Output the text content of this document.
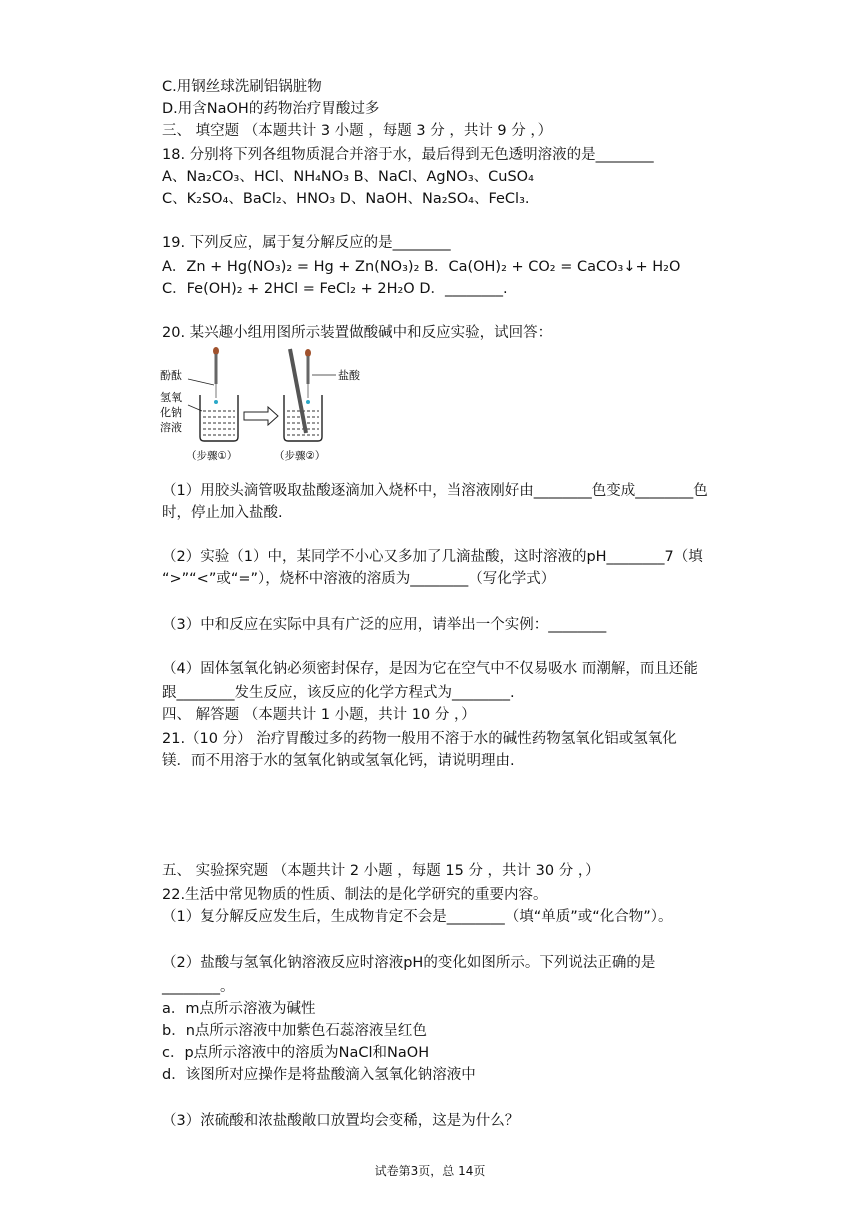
C.用钢丝球洗刷铝锅脏物
D.用含NaOH的药物治疗胃酸过多
三、 填空题 （本题共计 3 小题 ，每题 3 分 ，共计 9 分 ，）
18. 分别将下列各组物质混合并溶于水，最后得到无色透明溶液的是________
A、Na₂CO₃、HCl、NH₄NO₃ B、NaCl、AgNO₃、CuSO₄
C、K₂SO₄、BaCl₂、HNO₃ D、NaOH、Na₂SO₄、FeCl₃.
19. 下列反应，属于复分解反应的是________
A．Zn + Hg(NO₃)₂ = Hg + Zn(NO₃)₂ B．Ca(OH)₂ + CO₂ = CaCO₃↓+ H₂O
C．Fe(OH)₂ + 2HCl = FeCl₂ + 2H₂O D．________.
20. 某兴趣小组用图所示装置做酸碱中和反应实验，试回答：
（1）用胶头滴管吸取盐酸逐滴加入烧杯中，当溶液刚好由________色变成________色
时，停止加入盐酸.
（2）实验（1）中，某同学不小心又多加了几滴盐酸，这时溶液的pH________7（填
“>”“<”或“=”），烧杯中溶液的溶质为________（写化学式）
（3）中和反应在实际中具有广泛的应用，请举出一个实例：________
（4）固体氢氧化钠必须密封保存，是因为它在空气中不仅易吸水 而潮解，而且还能
跟________发生反应，该反应的化学方程式为________.
四、 解答题 （本题共计 1 小题，共计 10 分 ，）
21.（10 分） 治疗胃酸过多的药物一般用不溶于水的碱性药物氢氧化铝或氢氧化
镁．而不用溶于水的氢氧化钠或氢氧化钙，请说明理由.
五、 实验探究题 （本题共计 2 小题 ，每题 15 分 ，共计 30 分 ，）
22.生活中常见物质的性质、制法的是化学研究的重要内容。
（1）复分解反应发生后，生成物肯定不会是________（填“单质”或“化合物”）。
（2）盐酸与氢氧化钠溶液反应时溶液pH的变化如图所示。下列说法正确的是
________。
a．m点所示溶液为碱性
b．n点所示溶液中加紫色石蕊溶液呈红色
c．p点所示溶液中的溶质为NaCl和NaOH
d．该图所对应操作是将盐酸滴入氢氧化钠溶液中
（3）浓硫酸和浓盐酸敞口放置均会变稀，这是为什么？
酚酞
氢氧
化钠
溶液
盐酸
（步骤①）	（步骤②）
试卷第3页，总 14页
